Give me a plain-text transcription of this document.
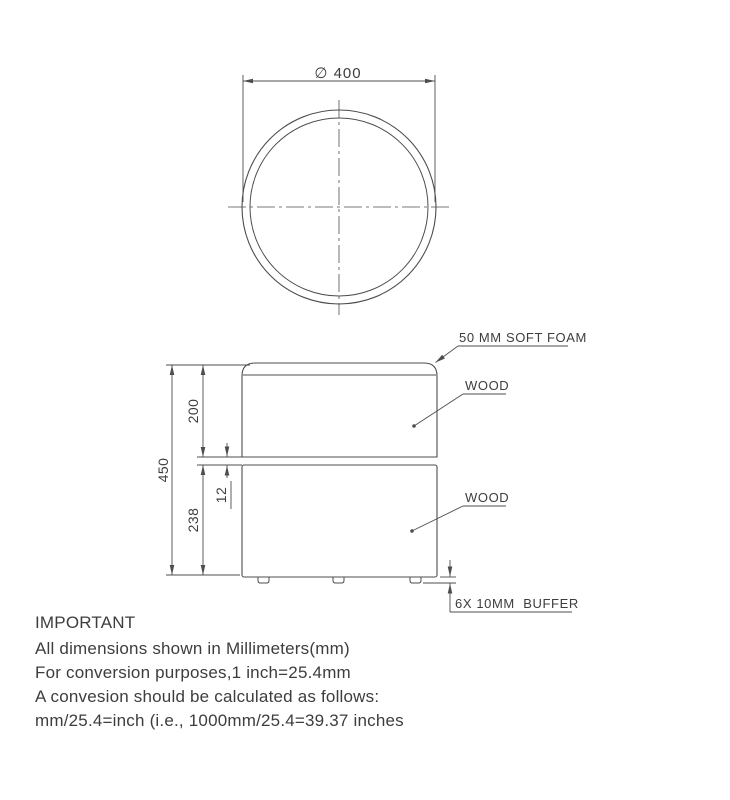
∅ 400
450
200
238
12
50 MM SOFT FOAM
WOOD
WOOD
6X 10MM  BUFFER
IMPORTANT
All dimensions shown in Millimeters(mm)
For conversion purposes,1 inch=25.4mm
A convesion should be calculated as follows:
mm/25.4=inch (i.e., 1000mm/25.4=39.37 inches
